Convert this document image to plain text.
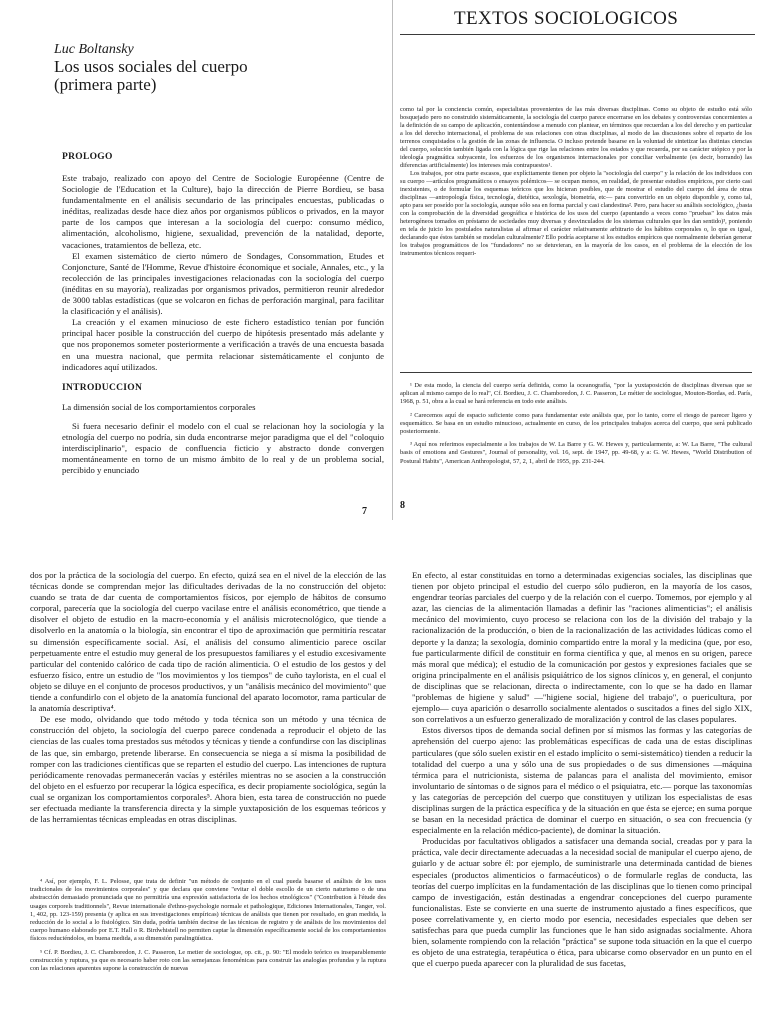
TEXTOS SOCIOLOGICOS
Luc Boltansky
Los usos sociales del cuerpo
(primera parte)

PROLOGO

Este trabajo, realizado con apoyo del Centre de Sociologie Européenne (Centre de Sociologie de l'Education et la Culture), bajo la dirección de Pierre Bordieu, se basa fundamentalmente en el análisis secundario de las principales encuestas, publicadas o inéditas, realizadas desde hace diez años por organismos públicos o privados, en la mayor parte de los campos que interesan a la sociología del cuerpo: consumo médico, alimentación, alcoholismo, higiene, sexualidad, prevención de la natalidad, deporte, vacaciones, tratamientos de belleza, etc.

El examen sistemático de cierto número de Sondages, Consommation, Etudes et Conjoncture, Santé de l'Homme, Revue d'histoire économique et sociale, Annales, etc., y la recolección de las principales investigaciones relacionadas con la sociología del cuerpo (inéditas en su mayoría), realizadas por organismos privados, permitieron reunir alrededor de 3000 tablas estadísticas (que se volcaron en fichas de perforación marginal, para facilitar la clasificación y el análisis).

La creación y el examen minucioso de este fichero estadístico tenían por función principal hacer posible la construcción del cuerpo de hipótesis presentado más adelante y que nos proponemos someter posteriormente a verificación a través de una encuesta basada en una muestra nacional, que permita relacionar sistemáticamente el conjunto de indicadores aquí utilizados.

INTRODUCCION

La dimensión social de los comportamientos corporales

Si fuera necesario definir el modelo con el cual se relacionan hoy la sociología y la etnología del cuerpo no podría, sin duda encontrarse mejor paradigma que el del "coloquio interdisciplinario", espacio de confluencia ficticio y abstracto donde convergen momentáneamente en torno de un mismo ámbito de lo real y de un problema social, percibido y enunciado

7

como tal por la conciencia común, especialistas provenientes de las más diversas disciplinas. Como su objeto de estudio está sólo bosquejado pero no construido sistemáticamente, la sociología del cuerpo parece encerrarse en los debates y controversias concernientes a la definición de su campo de aplicación, contentándose a menudo con plantear, en términos que recuerdan a los del derecho y en particular a los del derecho internacional, el problema de sus relaciones con otras disciplinas, al modo de las discusiones sobre el reparto de los terrenos conquistados o la gestión de las zonas de influencia. O incluso pretende basarse en la voluntad de sintetizar las distintas ciencias del cuerpo, solución también ligada con la lógica que rige las relaciones entre los estados y que recuerda, por su carácter utópico y por la ideología pragmática subyacente, los esfuerzos de los organismos internacionales por conciliar verbalmente (es decir, borrando) las diferencias artificialmente) los intereses más contrapuestos¹.

Los trabajos, por otra parte escasos, que explícitamente tienen por objeto la "sociología del cuerpo" y la relación de los individuos con su cuerpo —artículos programáticos o ensayos polémicos— se ocupan menos, en realidad, de presentar estudios empíricos, por cierto casi inexistentes, o de formular los esquemas teóricos que los hicieran posibles, que de mostrar el estudio del cuerpo del área de otras disciplinas —antropología física, tecnología, dietética, sexología, biometría, etc— para convertirlo en un objeto disponible y, como tal, apto para ser poseído por la sociología, aunque sólo sea en forma parcial y casi clandestina². Pero, para hacer su análisis sociológico, ¿basta con la comprobación de la diversidad geográfica e histórica de los usos del cuerpo (apuntando a veces como "pruebas" los datos más heterogéneos tomados en préstamo de sociedades muy diversas y desvinculados de los sistemas culturales que les dan sentido)³, poniendo en tela de juicio los postulados naturalistas al afirmar el carácter relativamente arbitrario de los hábitos corporales o, lo que es igual, declarando que éstos también se modelan culturalmente? Ello podría aceptarse si los estudios empíricos que normalmente deberían generar los trabajos programáticos de los "fundadores" no se detuvieran, en la mayoría de los casos, en el problema de la elección de los instrumentos técnicos requeri-

¹ De esta modo, la ciencia del cuerpo sería definida, como la oceanografía, "por la yuxtaposición de disciplinas diversas que se aplican al mismo campo de lo real", Cf. Bordieu, J. C. Chamboredon, J. C. Passeron, Le métier de sociologue, Mouton-Bordas, ed. París, 1968, p. 51, obra a la cual se hará referencia en todo este análisis.

² Carecemos aquí de espacio suficiente como para fundamentar este análisis que, por lo tanto, corre el riesgo de parecer ligero y esquemático. Se basa en un estudio minucioso, actualmente en curso, de los principales trabajos acerca del cuerpo, que será publicado posteriormente.

³ Aquí nos referimos especialmente a los trabajos de W. La Barre y G. W. Hewes y, particularmente, a: W. La Barre, "The cultural basis of emotions and Gestures", Journal of personality, vol. 16, sept. de 1947, pp. 49-68, y a: G. W. Hewes, "World Distribution of Postural Habits", American Anthropologist, 57, 2, 1, abril de 1955, pp. 231-244.

8

dos por la práctica de la sociología del cuerpo. En efecto, quizá sea en el nivel de la elección de las técnicas donde se comprendan mejor las dificultades derivadas de la no construcción del objeto: cuando se trata de dar cuenta de comportamientos físicos, por ejemplo de hábitos de consumo corporal, parecería que la sociología del cuerpo vacilase entre el análisis econométrico, que tiende a disolver el objeto de estudio en la macro-economía y el análisis microtecnológico, que tiende a disolverlo en la anatomía o la biología, sin encontrar el tipo de aproximación que permitiría rescatar su dimensión específicamente social. Así, el análisis del consumo alimenticio parece oscilar perpetuamente entre el estudio muy general de los presupuestos familiares y el estudio excesivamente particular del contenido calórico de cada tipo de ración alimenticia. O el estudio de los gestos y del esfuerzo físico, entre un estudio de "los movimientos y los tiempos" de cuño taylorista, en el cual el objeto se diluye en el conjunto de procesos productivos, y un "análisis mecánico del movimiento" que tiende a confundirlo con el objeto de la anatomía funcional del aparato locomotor, rama particular de la anatomía descriptiva⁴.

De ese modo, olvidando que todo método y toda técnica son un método y una técnica de construcción del objeto, la sociología del cuerpo parece condenada a reproducir el objeto de las ciencias de las cuales toma prestados sus métodos y técnicas y tiende a confundirse con las disciplinas de las que, sin embargo, pretende liberarse. En consecuencia se niega a sí misma la posibilidad de romper con las tradiciones científicas que se reparten el estudio del cuerpo. Las intenciones de ruptura periódicamente renovadas permanecerán vacías y estériles mientras no se asocien a la construcción del objeto en el esfuerzo por recuperar la lógica específica, es decir propiamente sociológica, según la cual se organizan los comportamientos corporales⁵. Ahora bien, esta tarea de construcción no puede ser efectuada mediante la transferencia directa y la simple yuxtaposición de los esquemas teóricos y de las herramientas técnicas empleadas en otras disciplinas.

⁴ Así, por ejemplo, F. L. Pelosse, que trata de definir "un método de conjunto en el cual pueda basarse el análisis de los usos tradicionales de los movimientos corporales" y que declara que conviene "evitar el doble escollo de un cierto naturismo o de una abstracción demasiado pronunciada que no permitiría una expresión satisfactoria de los hechos etnológicos" ("Contribution à l'étude des usages corporels traditionnels", Revue internationale d'ethno-psychologie normale et pathologique, Ediciones Internationales, Tanger, vol. 1, 402, pp. 123-159) presenta (y aplica en sus investigaciones empíricas) técnicas de análisis que tienen por resultado, en gran medida, la reducción de lo social a lo fisiológico. Sin duda, podría también decirse de las técnicas de registro y de análisis de los movimientos del cuerpo humano elaborado por E.T. Hall o R. Birdwhistell no permiten captar la dimensión específicamente social de los comportamientos físicos reduciéndolos, en buena medida, a su dimensión paralingüística.

⁵ Cf. P. Bordieu, J. C. Chamboredon, J. C. Passeron, Le metier de sociologue, op. cit., p. 90: "El modelo teórico es inseparablemente construcción y ruptura, ya que es necesario haber roto con las semejanzas fenoménicas para construir las analogías profundas y la ruptura con las relaciones aparentes supone la construcción de nuevas

En efecto, al estar constituidas en torno a determinadas exigencias sociales, las disciplinas que tienen por objeto principal el estudio del cuerpo sólo pudieron, en la mayoría de los casos, engendrar teorías parciales del cuerpo y de la relación con el cuerpo. Tomemos, por ejemplo y al azar, las ciencias de la alimentación llamadas a definir las "raciones alimenticias"; el análisis mecánico del movimiento, cuyo proceso se relaciona con los de la división del trabajo y la racionalización de la producción, o bien de la racionalización de las actividades lúdicas como el deporte y la danza; la sexología, dominio compartido entre la moral y la medicina (que, por eso, fue particularmente difícil de constituir en forma científica y que, al menos en su origen, parece más moral que médica); el estudio de la comunicación por gestos y expresiones faciales que se origina principalmente en el análisis psiquiátrico de los signos clínicos y, en general, el conjunto de disciplinas que se relacionan, directa o indirectamente, con lo que se ha dado en llamar "problemas de higiene y salud" —"higiene social, higiene del trabajo", o puericultura, por ejemplo— cuya aparición o desarrollo socialmente alentados o suscitados a fines del siglo XIX, son correlativos a un esfuerzo generalizado de moralización y control de las clases populares.

Estos diversos tipos de demanda social definen por sí mismos las formas y las categorías de aprehensión del cuerpo ajeno: las problemáticas específicas de cada una de estas disciplinas particulares (que sólo suelen existir en el estado implícito o semi-sistemático) tienden a reducir la totalidad del cuerpo a una y sólo una de sus propiedades o de sus dimensiones —máquina térmica para el nutricionista, sistema de palancas para el analista del movimiento, emisor involuntario de síntomas o de signos para el médico o el psiquiatra, etc.— porque las taxonomías y las categorías de percepción del cuerpo que constituyen y utilizan los especialistas de esas disciplinas surgen de la práctica específica y de la situación en que ésta se ejerce; en suma porque se basan en la necesidad práctica de dominar el cuerpo en situación, o sea con frecuencia (y especialmente en la relación médico-paciente), de dominar la situación.

Producidas por facultativos obligados a satisfacer una demanda social, creadas por y para la práctica, vale decir directamente adecuadas a la necesidad social de manipular el cuerpo ajeno, de guiarlo y de actuar sobre él: por ejemplo, de suministrarle una determinada cantidad de bienes especiales (productos alimenticios o farmacéuticos) o de formularle reglas de conducta, las teorías del cuerpo implícitas en la fundamentación de las disciplinas que lo tienen como principal campo de investigación, están destinadas a engendrar concepciones del cuerpo puramente funcionalistas. Este se convierte en una suerte de instrumento ajustado a fines específicos, que posee correlativamente y, en cierto modo por esencia, necesidades especiales que deben ser satisfechas para que pueda cumplir las funciones que le han sido asignadas socialmente. Ahora bien, solamente rompiendo con la relación "práctica" se supone toda situación en la que el cuerpo es objeto de una estrategia, terapéutica o ética, para ubicarse como observador en un punto en el que el cuerpo pueda aparecer con la pluralidad de sus facetas,
